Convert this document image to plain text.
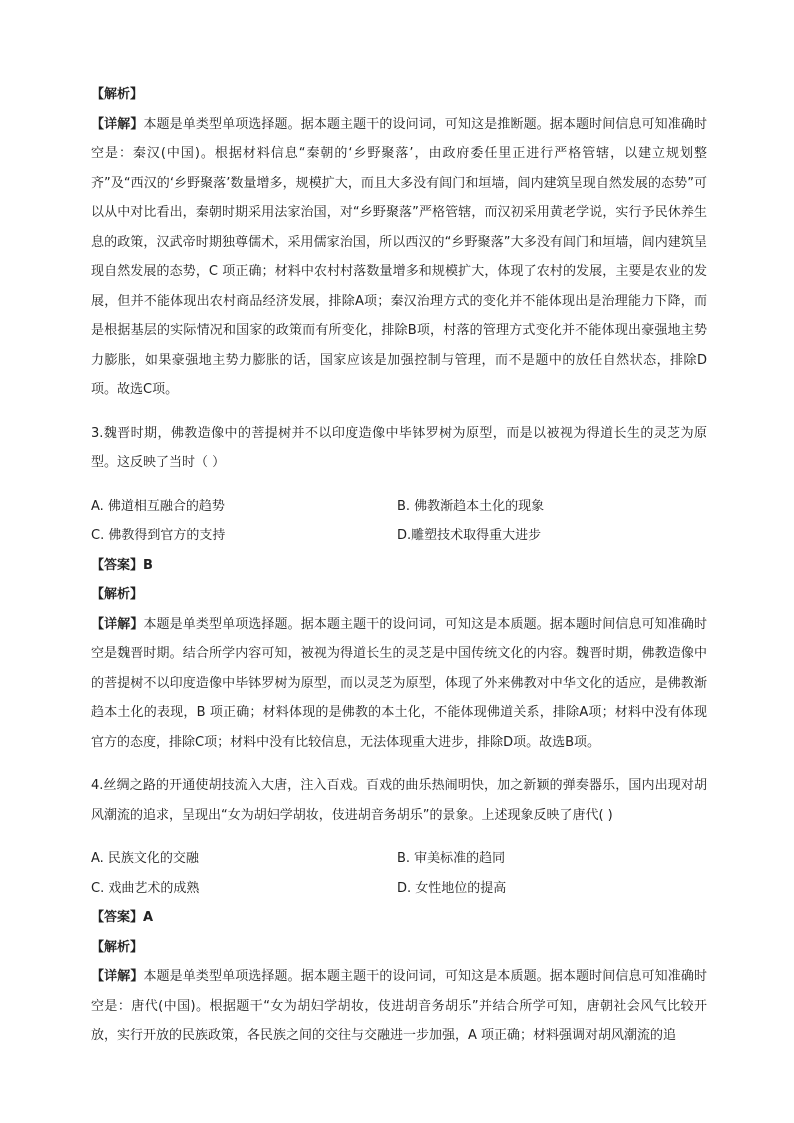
【解析】

【详解】本题是单类型单项选择题。据本题主题干的设问词，可知这是推断题。据本题时间信息可知准确时空是：秦汉(中国)。根据材料信息“秦朝的‘乡野聚落’，由政府委任里正进行严格管辖，以建立规划整齐”及“西汉的‘乡野聚落’数量增多，规模扩大，而且大多没有闾门和垣墙，闾内建筑呈现自然发展的态势”可以从中对比看出，秦朝时期采用法家治国，对“乡野聚落”严格管辖，而汉初采用黄老学说，实行予民休养生息的政策，汉武帝时期独尊儒术，采用儒家治国，所以西汉的“乡野聚落”大多没有闾门和垣墙，闾内建筑呈现自然发展的态势，C 项正确；材料中农村村落数量增多和规模扩大，体现了农村的发展，主要是农业的发展，但并不能体现出农村商品经济发展，排除A项；秦汉治理方式的变化并不能体现出是治理能力下降，而是根据基层的实际情况和国家的政策而有所变化，排除B项，村落的管理方式变化并不能体现出豪强地主势力膨胀，如果豪强地主势力膨胀的话，国家应该是加强控制与管理，而不是题中的放任自然状态，排除D项。故选C项。

3.魏晋时期，佛教造像中的菩提树并不以印度造像中毕钵罗树为原型，而是以被视为得道长生的灵芝为原型。这反映了当时（ ）

A. 佛道相互融合的趋势	B. 佛教渐趋本土化的现象
C. 佛教得到官方的支持	D.雕塑技术取得重大进步

【答案】B

【解析】

【详解】本题是单类型单项选择题。据本题主题干的设问词，可知这是本质题。据本题时间信息可知准确时空是魏晋时期。结合所学内容可知，被视为得道长生的灵芝是中国传统文化的内容。魏晋时期，佛教造像中的菩提树不以印度造像中毕钵罗树为原型，而以灵芝为原型，体现了外来佛教对中华文化的适应，是佛教渐趋本土化的表现，B 项正确；材料体现的是佛教的本土化，不能体现佛道关系，排除A项；材料中没有体现官方的态度，排除C项；材料中没有比较信息，无法体现重大进步，排除D项。故选B项。

4.丝绸之路的开通使胡技流入大唐，注入百戏。百戏的曲乐热闹明快，加之新颖的弹奏器乐，国内出现对胡风潮流的追求，呈现出“女为胡妇学胡妆，伎进胡音务胡乐”的景象。上述现象反映了唐代( )

A. 民族文化的交融	B. 审美标准的趋同
C. 戏曲艺术的成熟	D. 女性地位的提高

【答案】A

【解析】

【详解】本题是单类型单项选择题。据本题主题干的设问词，可知这是本质题。据本题时间信息可知准确时空是：唐代(中国)。根据题干“女为胡妇学胡妆，伎进胡音务胡乐”并结合所学可知，唐朝社会风气比较开放，实行开放的民族政策，各民族之间的交往与交融进一步加强，A 项正确；材料强调对胡风潮流的追
